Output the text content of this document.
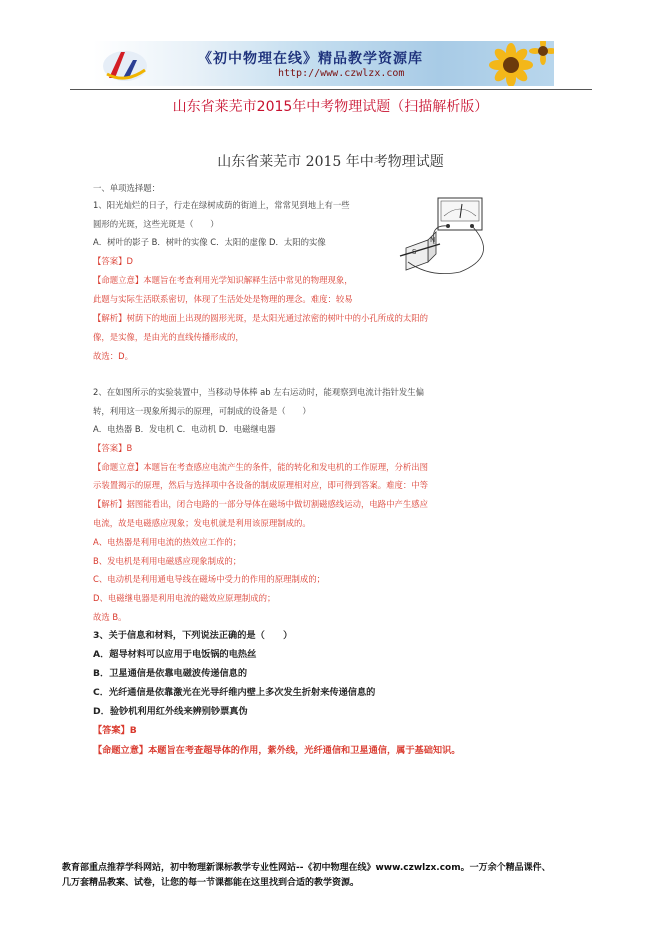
《初中物理在线》精品教学资源库
http://www.czwlzx.com
山东省莱芜市2015年中考物理试题（扫描解析版）
山东省莱芜市 2015 年中考物理试题
一、单项选择题：
1、阳光灿烂的日子，行走在绿树成荫的街道上，常常见到地上有一些
圆形的光斑，这些光斑是（　　）
A．树叶的影子 B．树叶的实像 C．太阳的虚像 D．太阳的实像
【答案】D
【命题立意】本题旨在考查利用光学知识解释生活中常见的物理现象，
此题与实际生活联系密切，体现了生活处处是物理的理念。难度：较易
【解析】树荫下的地面上出现的圆形光斑，是太阳光通过浓密的树叶中的小孔所成的太阳的
像，是实像，是由光的直线传播形成的，
故选：D。
N
S
2、在如图所示的实验装置中，当移动导体棒 ab 左右运动时，能观察到电流计指针发生偏
转，利用这一现象所揭示的原理，可制成的设备是（　　）
A．电热器 B．发电机 C．电动机 D．电磁继电器
【答案】B
【命题立意】本题旨在考查感应电流产生的条件，能的转化和发电机的工作原理，分析出图
示装置揭示的原理，然后与选择项中各设备的制成原理相对应，即可得到答案。难度：中等
【解析】据图能看出，闭合电路的一部分导体在磁场中做切割磁感线运动，电路中产生感应
电流，故是电磁感应现象；发电机就是利用该原理制成的。
A、电热器是利用电流的热效应工作的；
B、发电机是利用电磁感应现象制成的；
C、电动机是利用通电导线在磁场中受力的作用的原理制成的；
D、电磁继电器是利用电流的磁效应原理制成的；
故选 B。
3、关于信息和材料，下列说法正确的是（　　）
A．超导材料可以应用于电饭锅的电热丝
B．卫星通信是依靠电磁波传递信息的
C．光纤通信是依靠激光在光导纤维内壁上多次发生折射来传递信息的
D．验钞机利用红外线来辨别钞票真伪
【答案】B
【命题立意】本题旨在考查超导体的作用，紫外线，光纤通信和卫星通信，属于基础知识。
教育部重点推荐学科网站，初中物理新课标教学专业性网站--《初中物理在线》www.czwlzx.com。一万余个精品课件、
几万套精品教案、试卷，让您的每一节课都能在这里找到合适的教学资源。
